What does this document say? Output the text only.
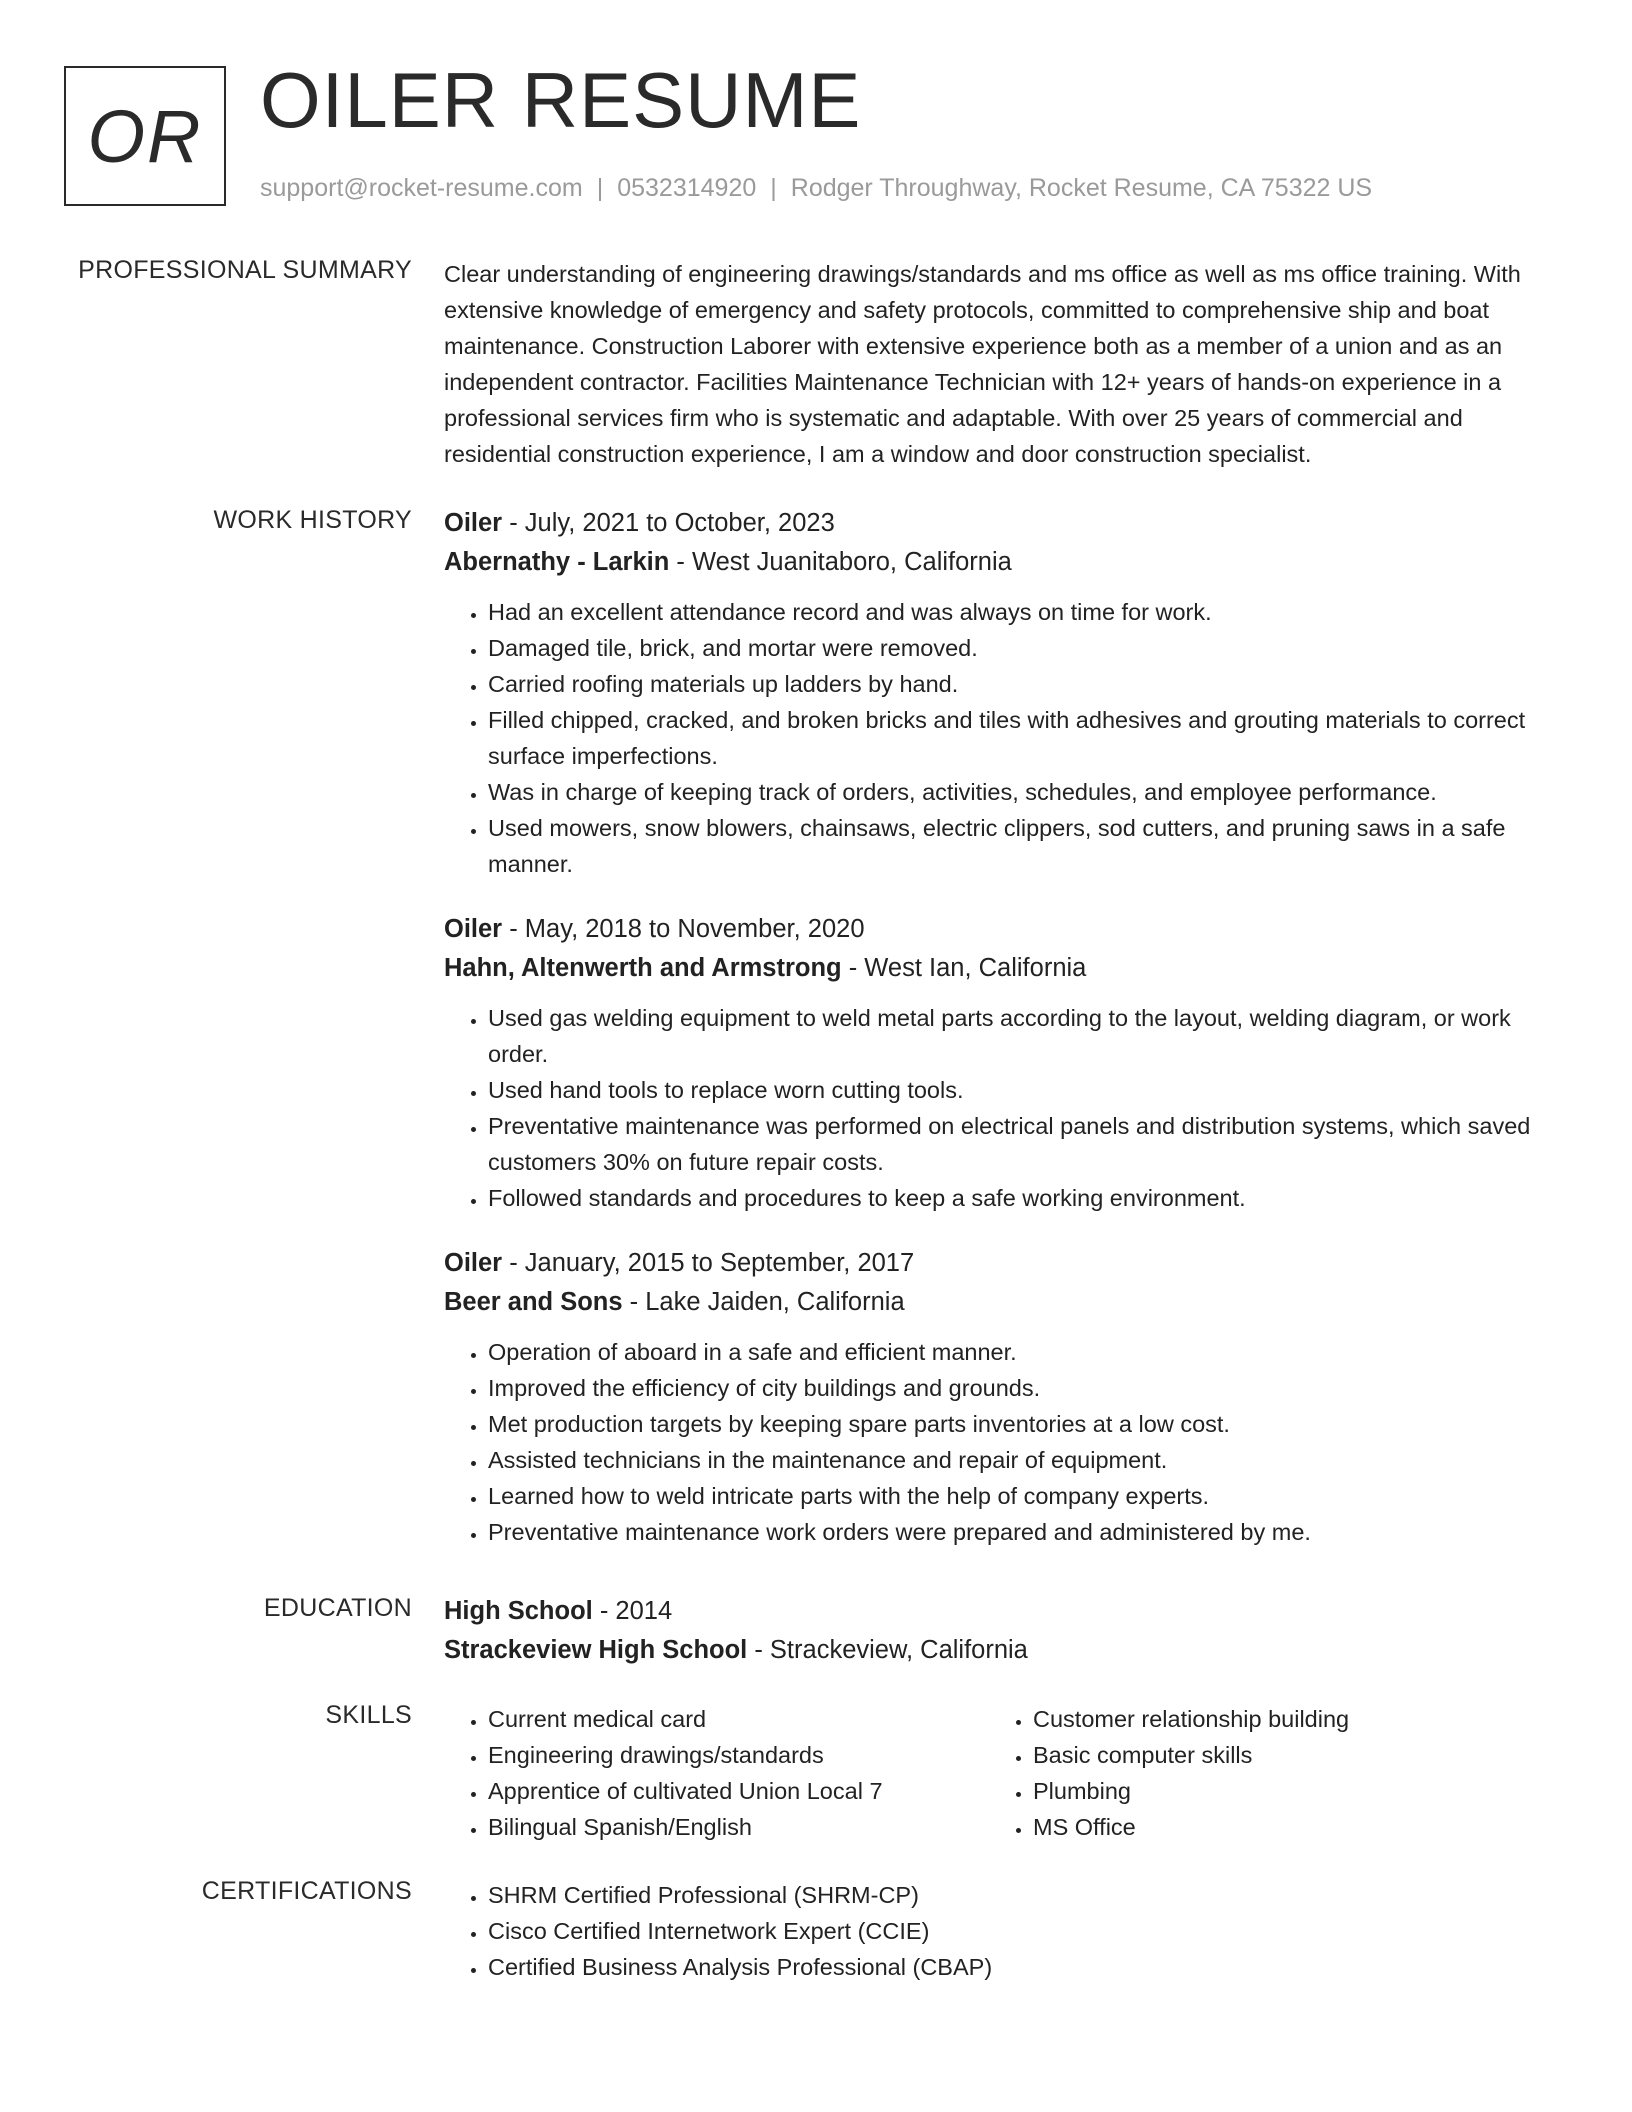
OR OILER RESUME
support@rocket-resume.com | 0532314920 | Rodger Throughway, Rocket Resume, CA 75322 US
PROFESSIONAL SUMMARY Clear understanding of engineering drawings/standards and ms office as well as ms office training. With extensive knowledge of emergency and safety protocols, committed to comprehensive ship and boat maintenance. Construction Laborer with extensive experience both as a member of a union and as an independent contractor. Facilities Maintenance Technician with 12+ years of hands-on experience in a professional services firm who is systematic and adaptable. With over 25 years of commercial and residential construction experience, I am a window and door construction specialist.

WORK HISTORY Oiler - July, 2021 to October, 2023
Abernathy - Larkin - West Juanitaboro, California
• Had an excellent attendance record and was always on time for work.
• Damaged tile, brick, and mortar were removed.
• Carried roofing materials up ladders by hand.
• Filled chipped, cracked, and broken bricks and tiles with adhesives and grouting materials to correct surface imperfections.
• Was in charge of keeping track of orders, activities, schedules, and employee performance.
• Used mowers, snow blowers, chainsaws, electric clippers, sod cutters, and pruning saws in a safe manner.
Oiler - May, 2018 to November, 2020
Hahn, Altenwerth and Armstrong - West Ian, California
• Used gas welding equipment to weld metal parts according to the layout, welding diagram, or work order.
• Used hand tools to replace worn cutting tools.
• Preventative maintenance was performed on electrical panels and distribution systems, which saved customers 30% on future repair costs.
• Followed standards and procedures to keep a safe working environment.
Oiler - January, 2015 to September, 2017
Beer and Sons - Lake Jaiden, California
• Operation of aboard in a safe and efficient manner.
• Improved the efficiency of city buildings and grounds.
• Met production targets by keeping spare parts inventories at a low cost.
• Assisted technicians in the maintenance and repair of equipment.
• Learned how to weld intricate parts with the help of company experts.
• Preventative maintenance work orders were prepared and administered by me.
EDUCATION High School - 2014
Strackeview High School - Strackeview, California
SKILLS	• Current medical card
• Engineering drawings/standards
• Apprentice of cultivated Union Local 7
• Bilingual Spanish/English
• Customer relationship building
• Basic computer skills
• Plumbing
• MS Office
CERTIFICATIONS	• SHRM Certified Professional (SHRM-CP)
• Cisco Certified Internetwork Expert (CCIE)
• Certified Business Analysis Professional (CBAP)
